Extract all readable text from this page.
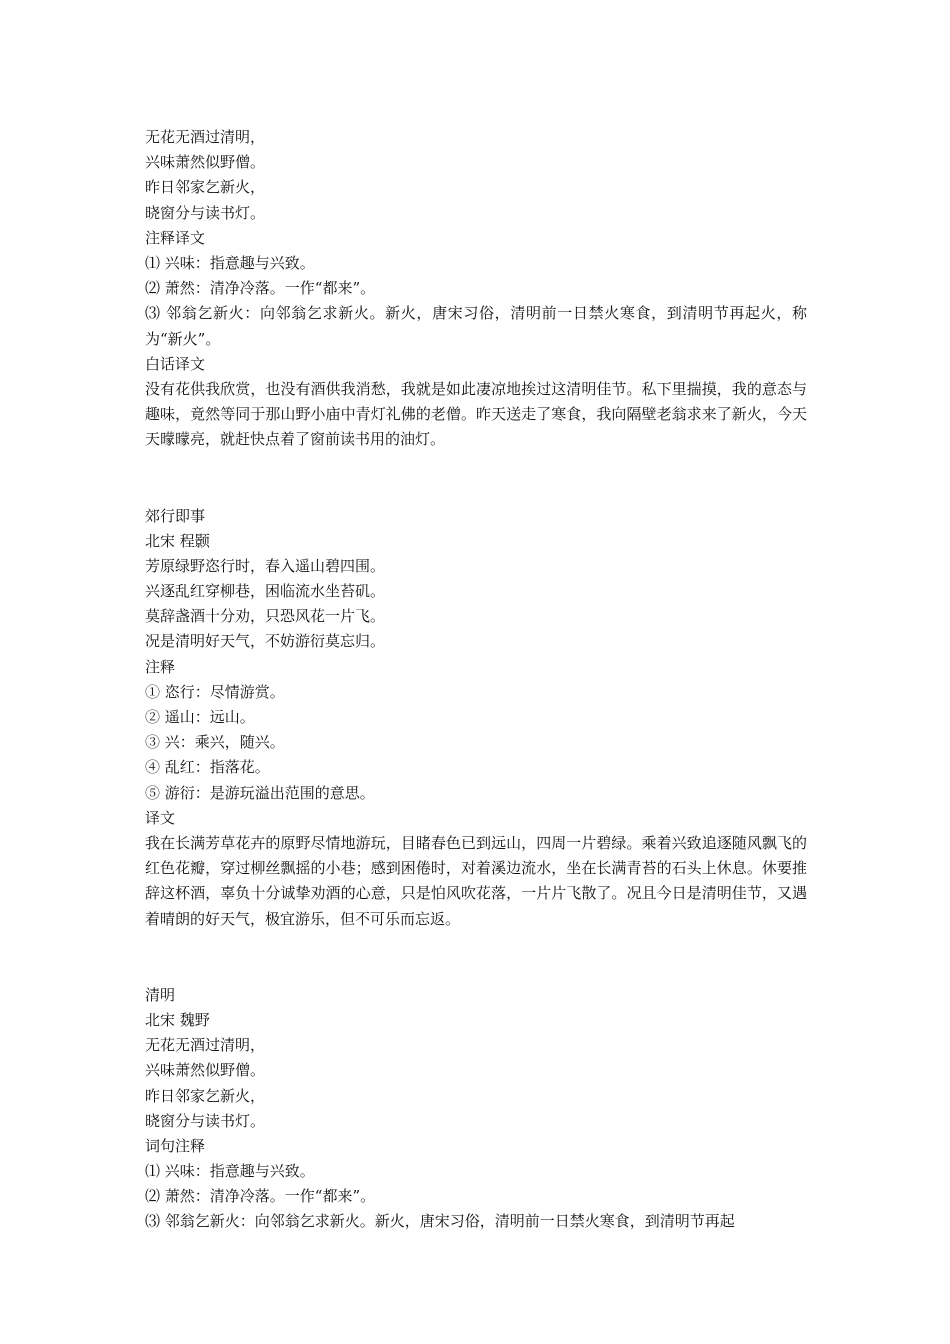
无花无酒过清明，
兴味萧然似野僧。
昨日邻家乞新火，
晓窗分与读书灯。
注释译文
⑴ 兴味：指意趣与兴致。
⑵ 萧然：清净冷落。一作“都来”。
⑶ 邻翁乞新火：向邻翁乞求新火。新火，唐宋习俗，清明前一日禁火寒食，到清明节再起火，称为“新火”。
白话译文
没有花供我欣赏，也没有酒供我消愁，我就是如此凄凉地挨过这清明佳节。私下里揣摸，我的意态与趣味，竟然等同于那山野小庙中青灯礼佛的老僧。昨天送走了寒食，我向隔壁老翁求来了新火，今天天曚曚亮，就赶快点着了窗前读书用的油灯。
郊行即事
北宋 程颢
芳原绿野恣行时，春入遥山碧四围。
兴逐乱红穿柳巷，困临流水坐苔矶。
莫辞盏酒十分劝，只恐风花一片飞。
况是清明好天气，不妨游衍莫忘归。
注释
① 恣行：尽情游赏。
② 遥山：远山。
③ 兴：乘兴，随兴。
④ 乱红：指落花。
⑤ 游衍：是游玩溢出范围的意思。
译文
我在长满芳草花卉的原野尽情地游玩，目睹春色已到远山，四周一片碧绿。乘着兴致追逐随风飘飞的红色花瓣，穿过柳丝飘摇的小巷；感到困倦时，对着溪边流水，坐在长满青苔的石头上休息。休要推辞这杯酒，辜负十分诚挚劝酒的心意，只是怕风吹花落，一片片飞散了。况且今日是清明佳节，又遇着晴朗的好天气，极宜游乐，但不可乐而忘返。
清明
北宋 魏野
无花无酒过清明，
兴味萧然似野僧。
昨日邻家乞新火，
晓窗分与读书灯。
词句注释
⑴ 兴味：指意趣与兴致。
⑵ 萧然：清净冷落。一作“都来”。
⑶ 邻翁乞新火：向邻翁乞求新火。新火，唐宋习俗，清明前一日禁火寒食，到清明节再起
